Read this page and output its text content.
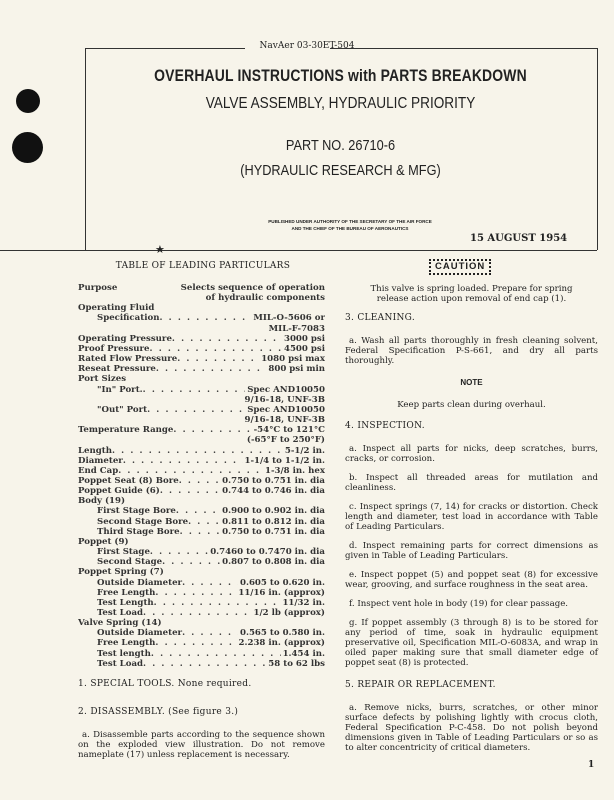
NavAer 03-30ET-504
OVERHAUL INSTRUCTIONS with PARTS BREAKDOWN
VALVE ASSEMBLY, HYDRAULIC PRIORITY
PART NO. 26710-6
(HYDRAULIC RESEARCH & MFG)
PUBLISHED UNDER AUTHORITY OF THE SECRETARY OF THE AIR FORCE
AND THE CHIEF OF THE BUREAU OF AERONAUTICS
15 AUGUST 1954
★
TABLE OF LEADING PARTICULARS
Purpose	Selects sequence of operation
of hydraulic components
Operating Fluid
Specification . . .	MIL-O-5606 or
MIL-F-7083
Operating Pressure . . .	3000 psi
Proof Pressure . . .	4500 psi
Rated Flow Pressure . . .	1080 psi max
Reseat Pressure . . .	800 psi min
Port Sizes
"In" Port. . . .	Spec AND10050
9/16-18, UNF-3B
"Out" Port . . .	Spec AND10050
9/16-18, UNF-3B
Temperature Range . . .	-54°C to 121°C
(-65°F to 250°F)
Length . . .	5-1/2 in.
Diameter . . .	1-1/4 to 1-1/2 in.
End Cap . . .	1-3/8 in. hex
Poppet Seat (8) Bore . . .	0.750 to 0.751 in. dia
Poppet Guide (6) . . .	0.744 to 0.746 in. dia
Body (19)
First Stage Bore . . .	0.900 to 0.902 in. dia
Second Stage Bore . . .	0.811 to 0.812 in. dia
Third Stage Bore . . .	0.750 to 0.751 in. dia
Poppet (9)
First Stage . . .	0.7460 to 0.7470 in. dia
Second Stage . . .	0.807 to 0.808 in. dia
Poppet Spring (7)
Outside Diameter . . .	0.605 to 0.620 in.
Free Length . . .	11/16 in. (approx)
Test Length . . .	11/32 in.
Test Load . . .	1/2 lb (approx)
Valve Spring (14)
Outside Diameter . . .	0.565 to 0.580 in.
Free Length . . .	2.238 in. (approx)
Test length . . .	1.454 in.
Test Load . . .	58 to 62 lbs

1. SPECIAL TOOLS. None required.

2. DISASSEMBLY. (See figure 3.)

a. Disassemble parts according to the sequence shown on the exploded view illustration. Do not remove nameplate (17) unless replacement is necessary.

CAUTION

This valve is spring loaded. Prepare for spring release action upon removal of end cap (1).

3. CLEANING.

a. Wash all parts thoroughly in fresh cleaning solvent, Federal Specification P-S-661, and dry all parts thoroughly.

NOTE

Keep parts clean during overhaul.

4. INSPECTION.

a. Inspect all parts for nicks, deep scratches, burrs, cracks, or corrosion.

b. Inspect all threaded areas for mutilation and cleanliness.

c. Inspect springs (7, 14) for cracks or distortion. Check length and diameter, test load in accordance with Table of Leading Particulars.

d. Inspect remaining parts for correct dimensions as given in Table of Leading Particulars.

e. Inspect poppet (5) and poppet seat (8) for excessive wear, grooving, and surface roughness in the seat area.

f. Inspect vent hole in body (19) for clear passage.

g. If poppet assembly (3 through 8) is to be stored for any period of time, soak in hydraulic equipment preservative oil, Specification MIL-O-6083A, and wrap in oiled paper making sure that small diameter edge of poppet seat (8) is protected.

5. REPAIR OR REPLACEMENT.

a. Remove nicks, burrs, scratches, or other minor surface defects by polishing lightly with crocus cloth, Federal Specification P-C-458. Do not polish beyond dimensions given in Table of Leading Particulars or so as to alter concentricity of critical diameters.

1
